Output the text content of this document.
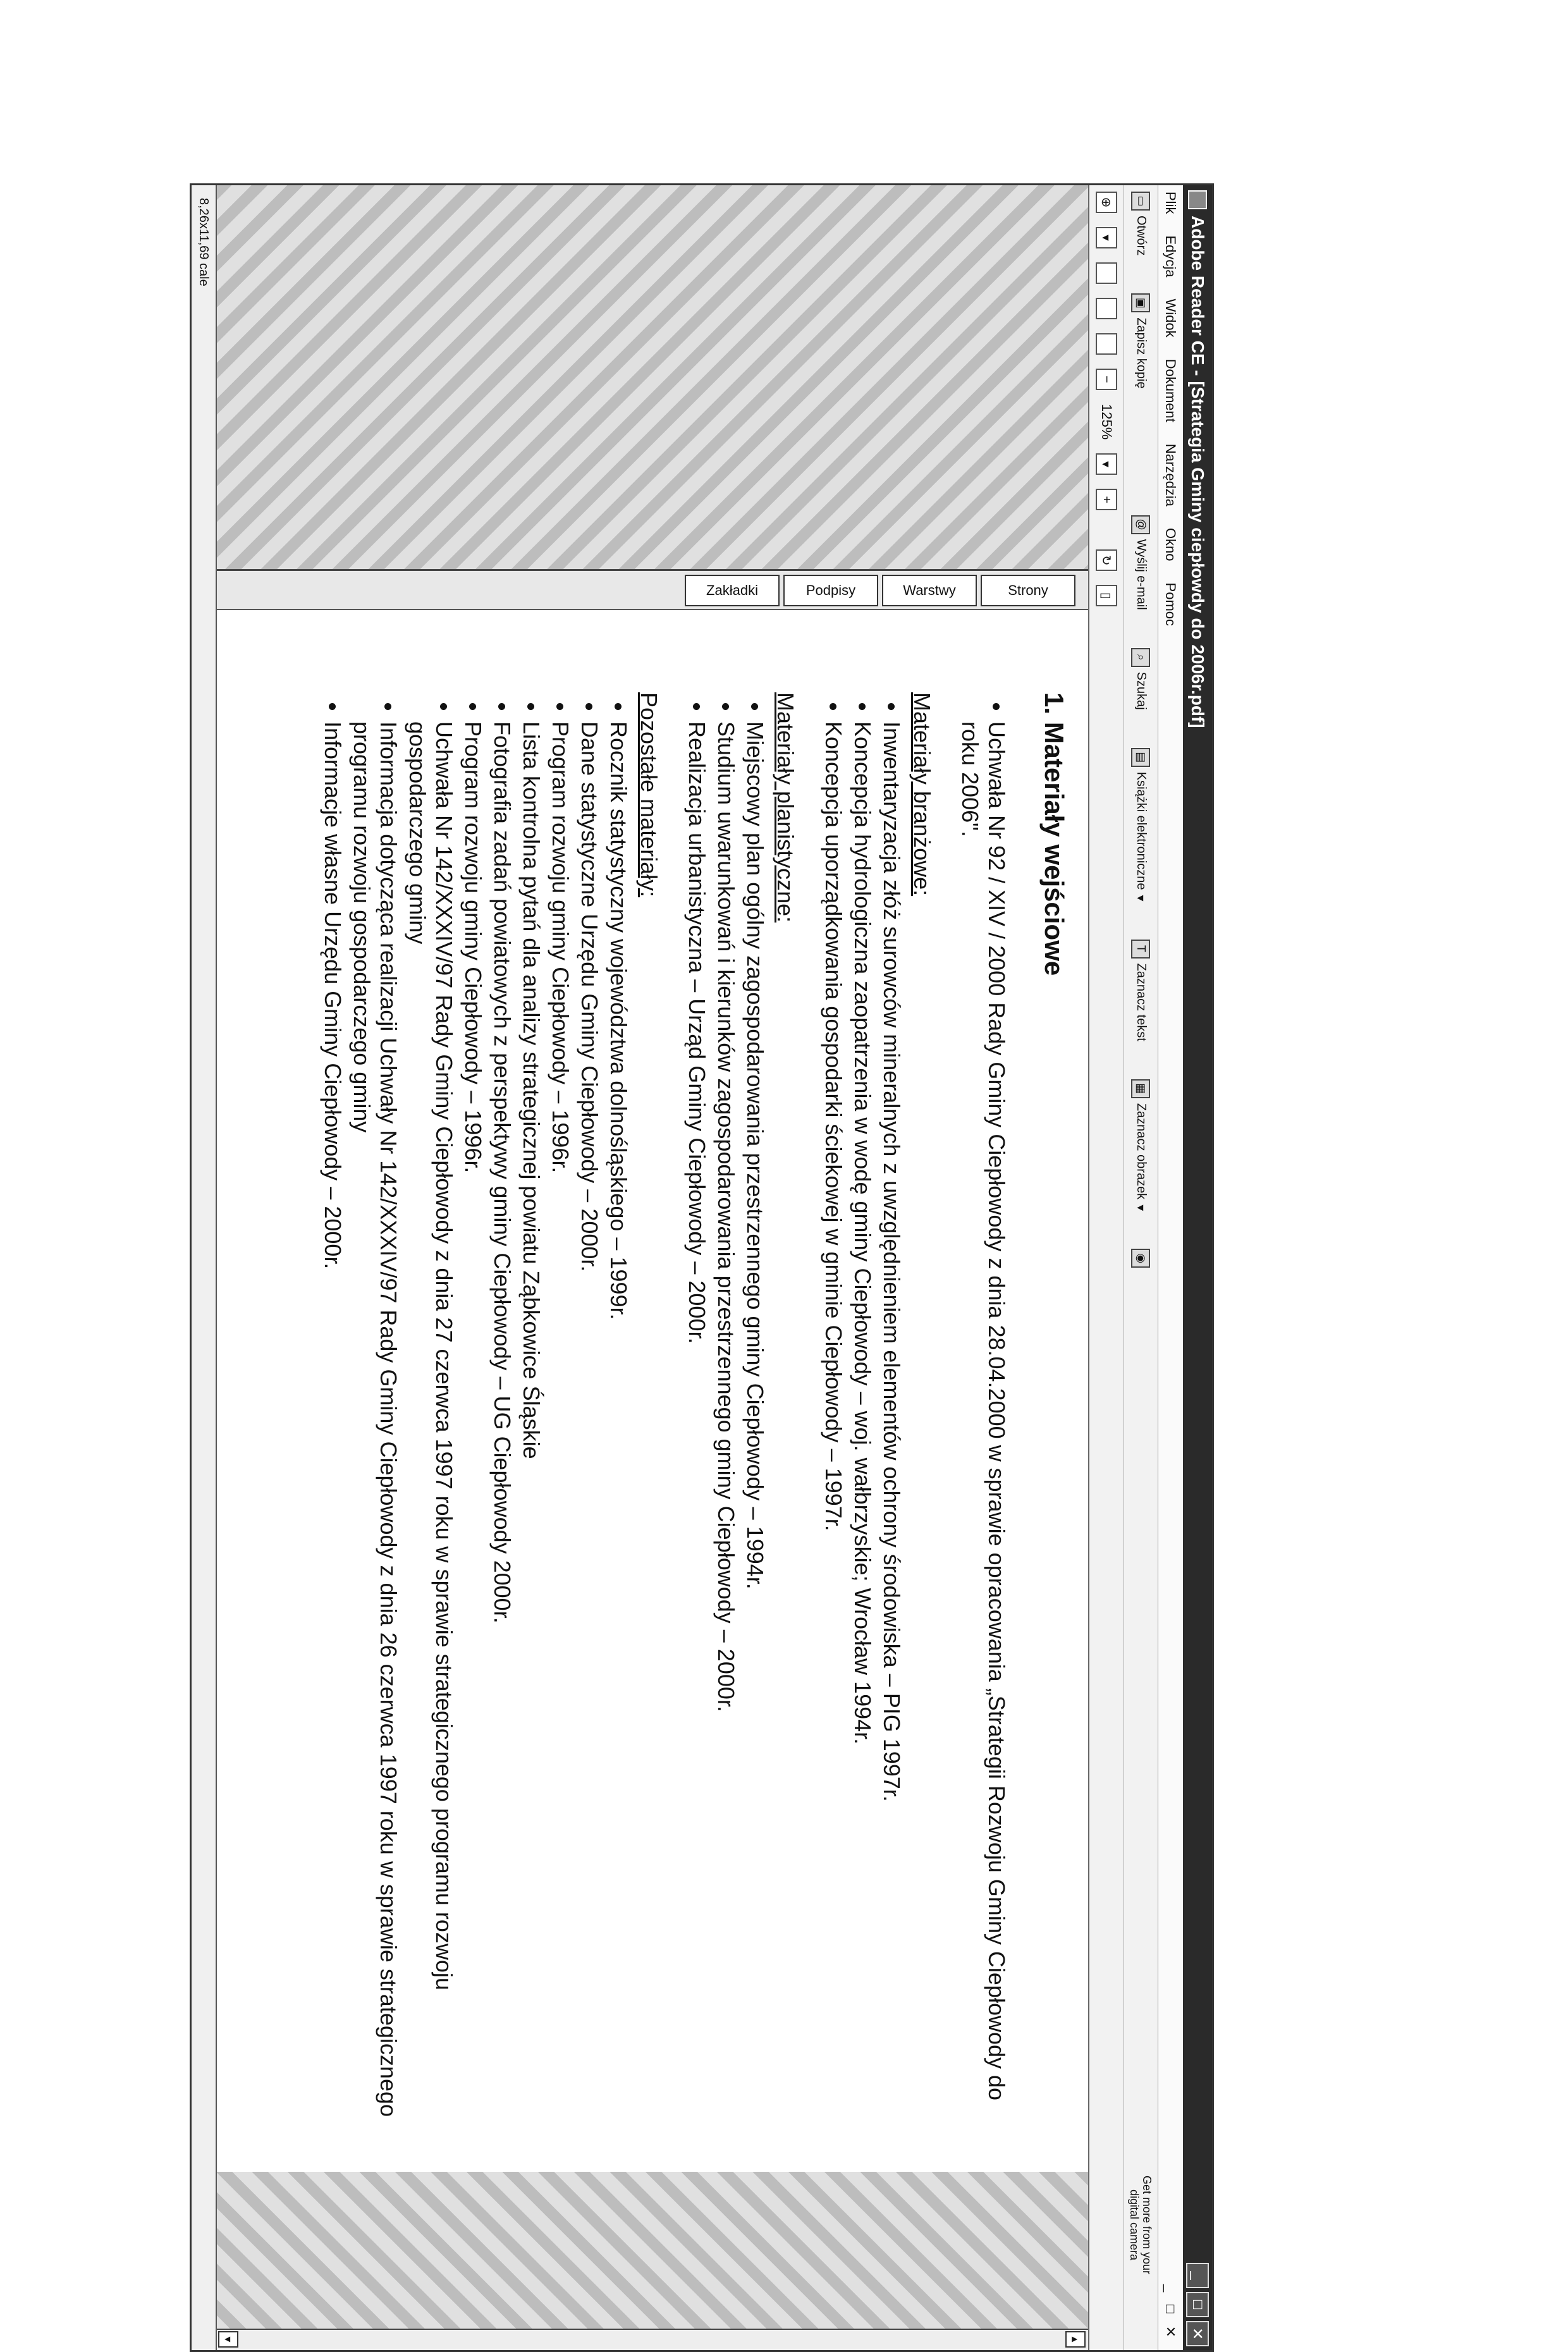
Adobe Reader CE - [Strategia Gminy ciepłowdy do 2006r.pdf]
_
□
✕
Plik
Edycja
Widok
Dokument
Narzędzia
Okno
Pomoc
_
□
✕
▭
Otwórz
▣
Zapisz kopię
@
Wyślij e-mail
⌕
Szukaj
▤
Książki elektroniczne
▾
T
Zaznacz tekst
▦
Zaznacz obrazek
▾
◉
Get more from your
digital camera
⊕
▾
−
125%
▾
+
↻
▯
Strony
Warstwy
Podpisy
Zakładki
1. Materiały wejściowe
• Uchwała Nr 92 / XIV / 2000 Rady Gminy Ciepłowody z dnia 28.04.2000 w sprawie opracowania „Strategii Rozwoju Gminy Ciepłowody do roku 2006".
Materiały branżowe:
• Inwentaryzacja złóż surowców mineralnych z uwzględnieniem elementów ochrony środowiska – PIG 1997r.
• Koncepcja hydrologiczna zaopatrzenia w wodę gminy Ciepłowody – woj. wałbrzyskie; Wrocław 1994r.
• Koncepcja uporządkowania gospodarki ściekowej w gminie Ciepłowody – 1997r.
Materiały planistyczne:
• Miejscowy plan ogólny zagospodarowania przestrzennego gminy Ciepłowody – 1994r.
• Studium uwarunkowań i kierunków zagospodarowania przestrzennego gminy Ciepłowody – 2000r.
• Realizacja urbanistyczna – Urząd Gminy Ciepłowody – 2000r.
Pozostałe materiały:
• Rocznik statystyczny województwa dolnośląskiego – 1999r.
• Dane statystyczne Urzędu Gminy Ciepłowody – 2000r.
• Program rozwoju gminy Ciepłowody – 1996r.
• Lista kontrolna pytań dla analizy strategicznej powiatu Ząbkowice Śląskie
• Fotografia zadań powiatowych z perspektywy gminy Ciepłowody – UG Ciepłowody 2000r.
• Program rozwoju gminy Ciepłowody – 1996r.
• Uchwała Nr 142/XXXIV/97 Rady Gminy Ciepłowody z dnia 27 czerwca 1997 roku w sprawie strategicznego programu rozwoju gospodarczego gminy
• Informacja dotycząca realizacji Uchwały Nr 142/XXXIV/97 Rady Gminy Ciepłowody z dnia 26 czerwca 1997 roku w sprawie strategicznego programu rozwoju gospodarczego gminy
• Informacje własne Urzędu Gminy Ciepłowody – 2000r.
▴
▾
8,26x11,69 cale
